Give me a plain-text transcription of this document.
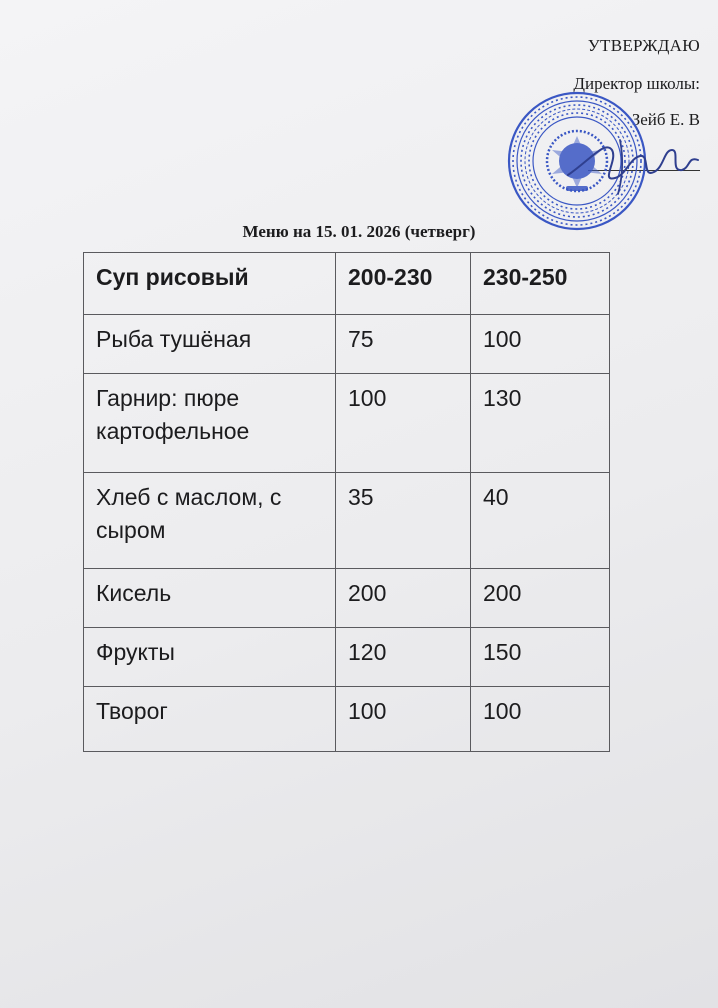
УТВЕРЖДАЮ
Директор школы:
Зейб Е. В
Меню на 15. 01. 2026 (четверг)
Суп рисовый	200-230	230-250
Рыба тушёная	75	100
Гарнир: пюре картофельное	100	130
Хлеб с маслом, с сыром	35	40
Кисель	200	200
Фрукты	120	150
Творог	100	100
